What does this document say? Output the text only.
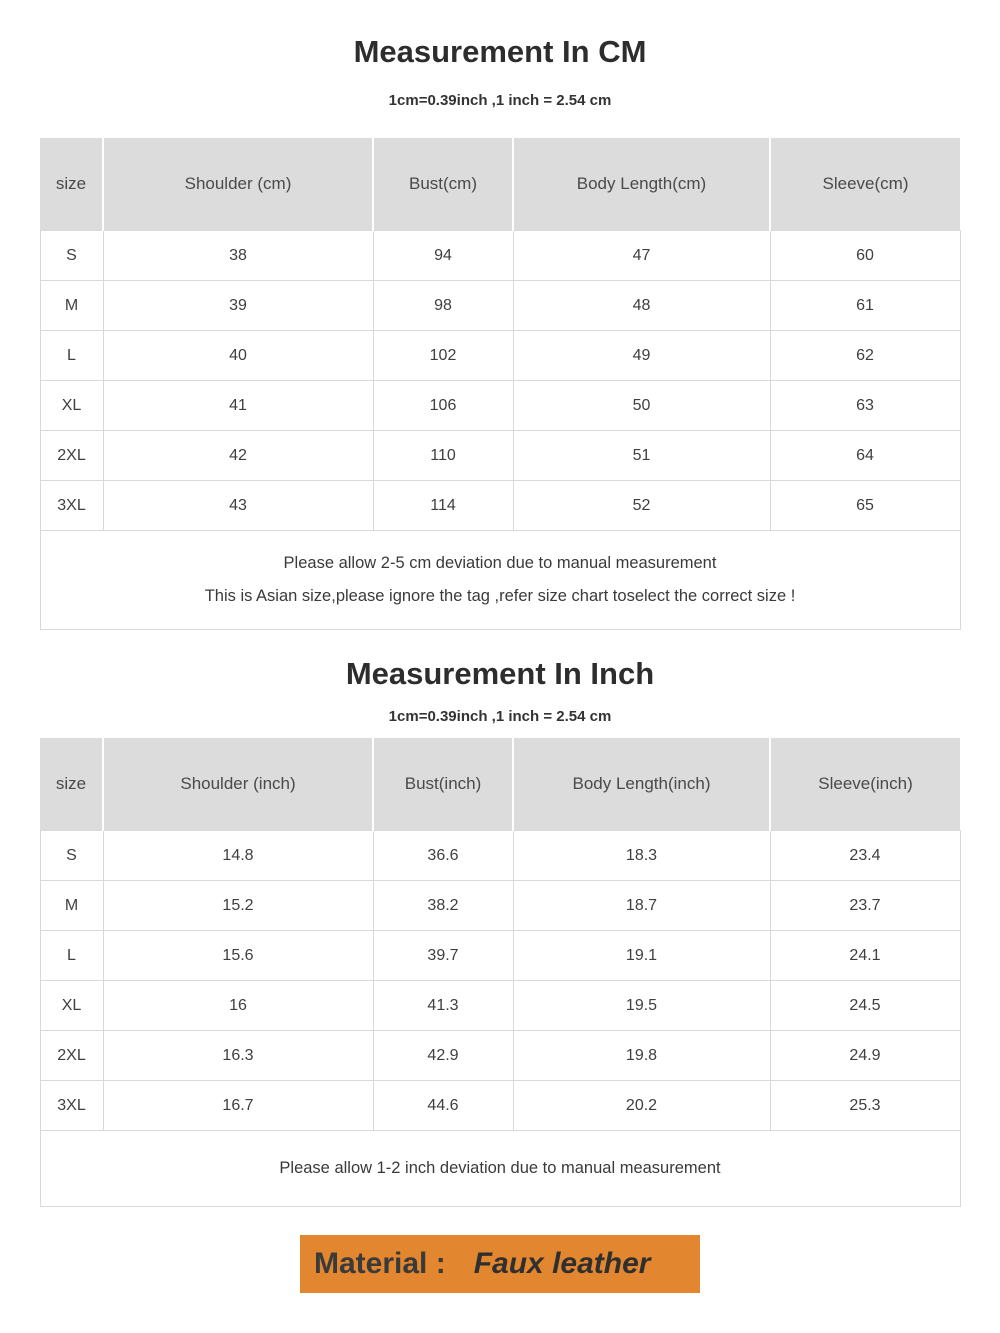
Measurement In CM
1cm=0.39inch ,1 inch = 2.54 cm
size	Shoulder (cm)	Bust(cm)	Body Length(cm)	Sleeve(cm)
S	38	94	47	60
M	39	98	48	61
L	40	102	49	62
XL	41	106	50	63
2XL	42	110	51	64
3XL	43	114	52	65

Please allow 2-5 cm deviation due to manual measurement
This is Asian size,please ignore the tag ,refer size chart toselect the correct size !				
Measurement In Inch
1cm=0.39inch ,1 inch = 2.54 cm
size	Shoulder (inch)	Bust(inch)	Body Length(inch)	Sleeve(inch)
S	14.8	36.6	18.3	23.4
M	15.2	38.2	18.7	23.7
L	15.6	39.7	19.1	24.1
XL	16	41.3	19.5	24.5
2XL	16.3	42.9	19.8	24.9
3XL	16.7	44.6	20.2	25.3

Please allow 1-2 inch deviation due to manual measurement				
Material : Faux leather
